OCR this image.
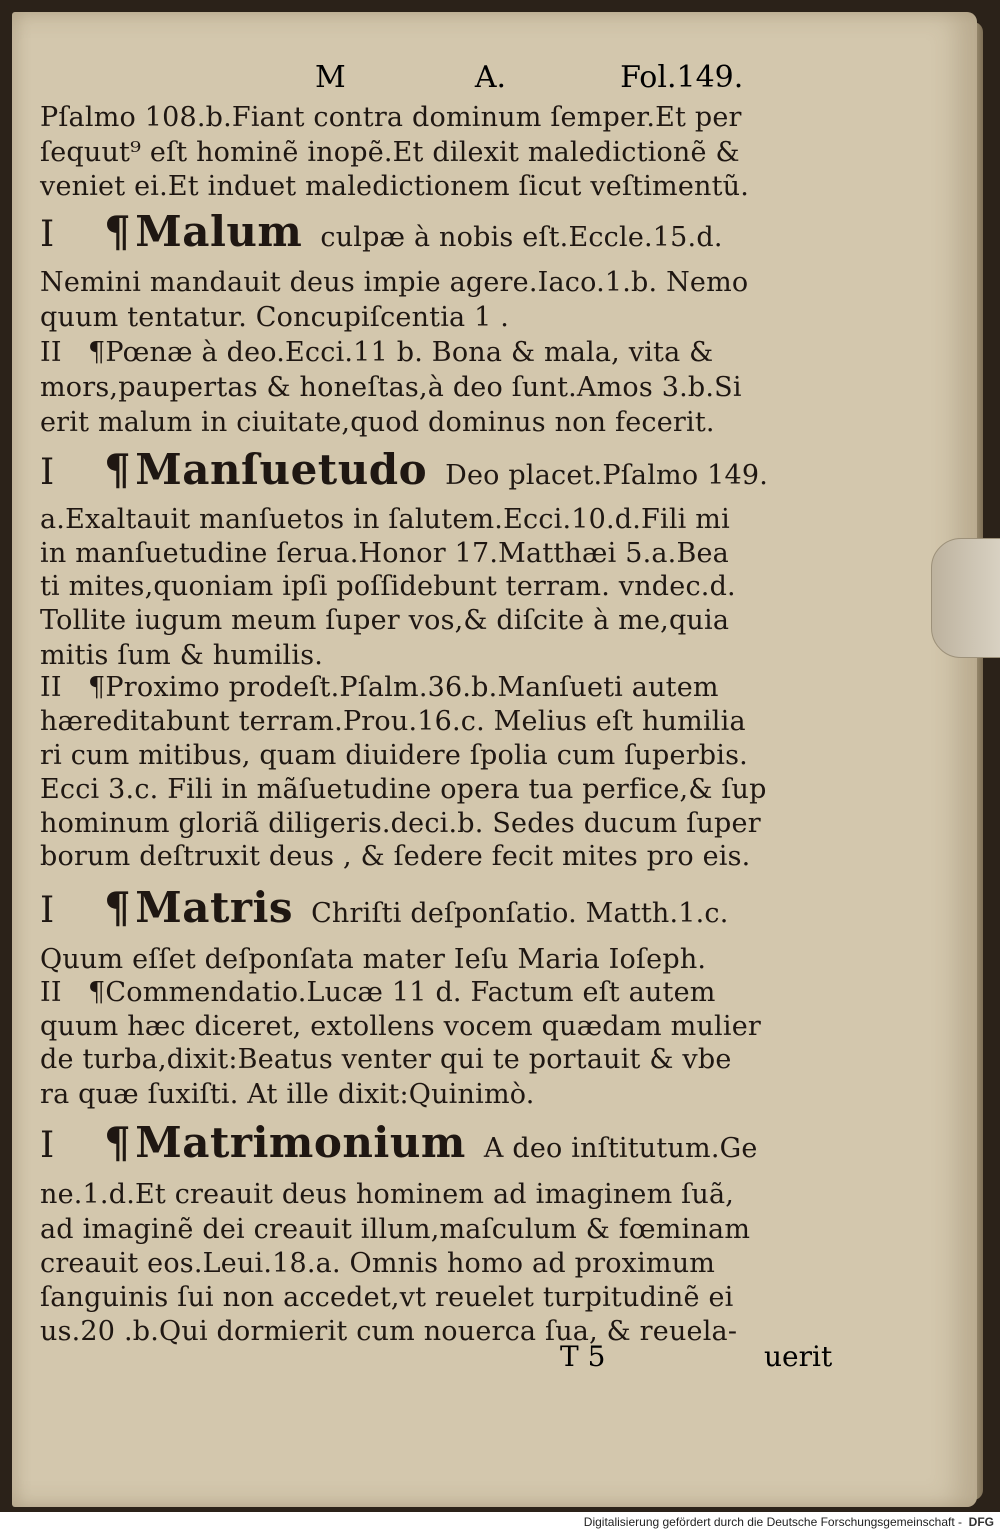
M	A.	Fol.149.
Pſalmo 108.b.Fiant contra dominum ſemper.Et per
ſequut⁹ eſt hominẽ inopẽ.Et dilexit maledictionẽ &
veniet ei.Et induet maledictionem ſicut veſtimentũ.
I ¶Malum culpæ à nobis eſt.Eccle.15.d.
Nemini mandauit deus impie agere.Iaco.1.b. Nemo
quum tentatur. Concupiſcentia 1 .
II ¶Pœnæ à deo.Ecci.11 b. Bona & mala, vita &
mors,paupertas & honeſtas,à deo ſunt.Amos 3.b.Si
erit malum in ciuitate,quod dominus non fecerit.
I ¶Manſuetudo Deo placet.Pſalmo 149.
a.Exaltauit manſuetos in ſalutem.Ecci.10.d.Fili mi
in manſuetudine ſerua.Honor 17.Matthæi 5.a.Bea
ti mites,quoniam ipſi poſſidebunt terram. vndec.d.
Tollite iugum meum ſuper vos,& diſcite à me,quia
mitis ſum & humilis.
II ¶Proximo prodeſt.Pſalm.36.b.Manſueti autem
hæreditabunt terram.Prou.16.c. Melius eſt humilia
ri cum mitibus, quam diuidere ſpolia cum ſuperbis.
Ecci 3.c. Fili in mãſuetudine opera tua perfice,& ſup
hominum gloriã diligeris.deci.b. Sedes ducum ſuper
borum deſtruxit deus , & ſedere fecit mites pro eis.
I ¶Matris Chriſti deſponſatio. Matth.1.c.
Quum eſſet deſponſata mater Ieſu Maria Ioſeph.
II ¶Commendatio.Lucæ 11 d. Factum eſt autem
quum hæc diceret, extollens vocem quædam mulier
de turba,dixit:Beatus venter qui te portauit & vbe
ra quæ ſuxiſti. At ille dixit:Quinimò.
I ¶Matrimonium A deo inſtitutum.Ge
ne.1.d.Et creauit deus hominem ad imaginem ſuã,
ad imaginẽ dei creauit illum,maſculum & fœminam
creauit eos.Leui.18.a. Omnis homo ad proximum
ſanguinis ſui non accedet,vt reuelet turpitudinẽ ei
us.20 .b.Qui dormierit cum nouerca ſua, & reuela-
T 5	uerit
Digitalisierung gefördert durch die Deutsche Forschungsgemeinschaft - DFG
